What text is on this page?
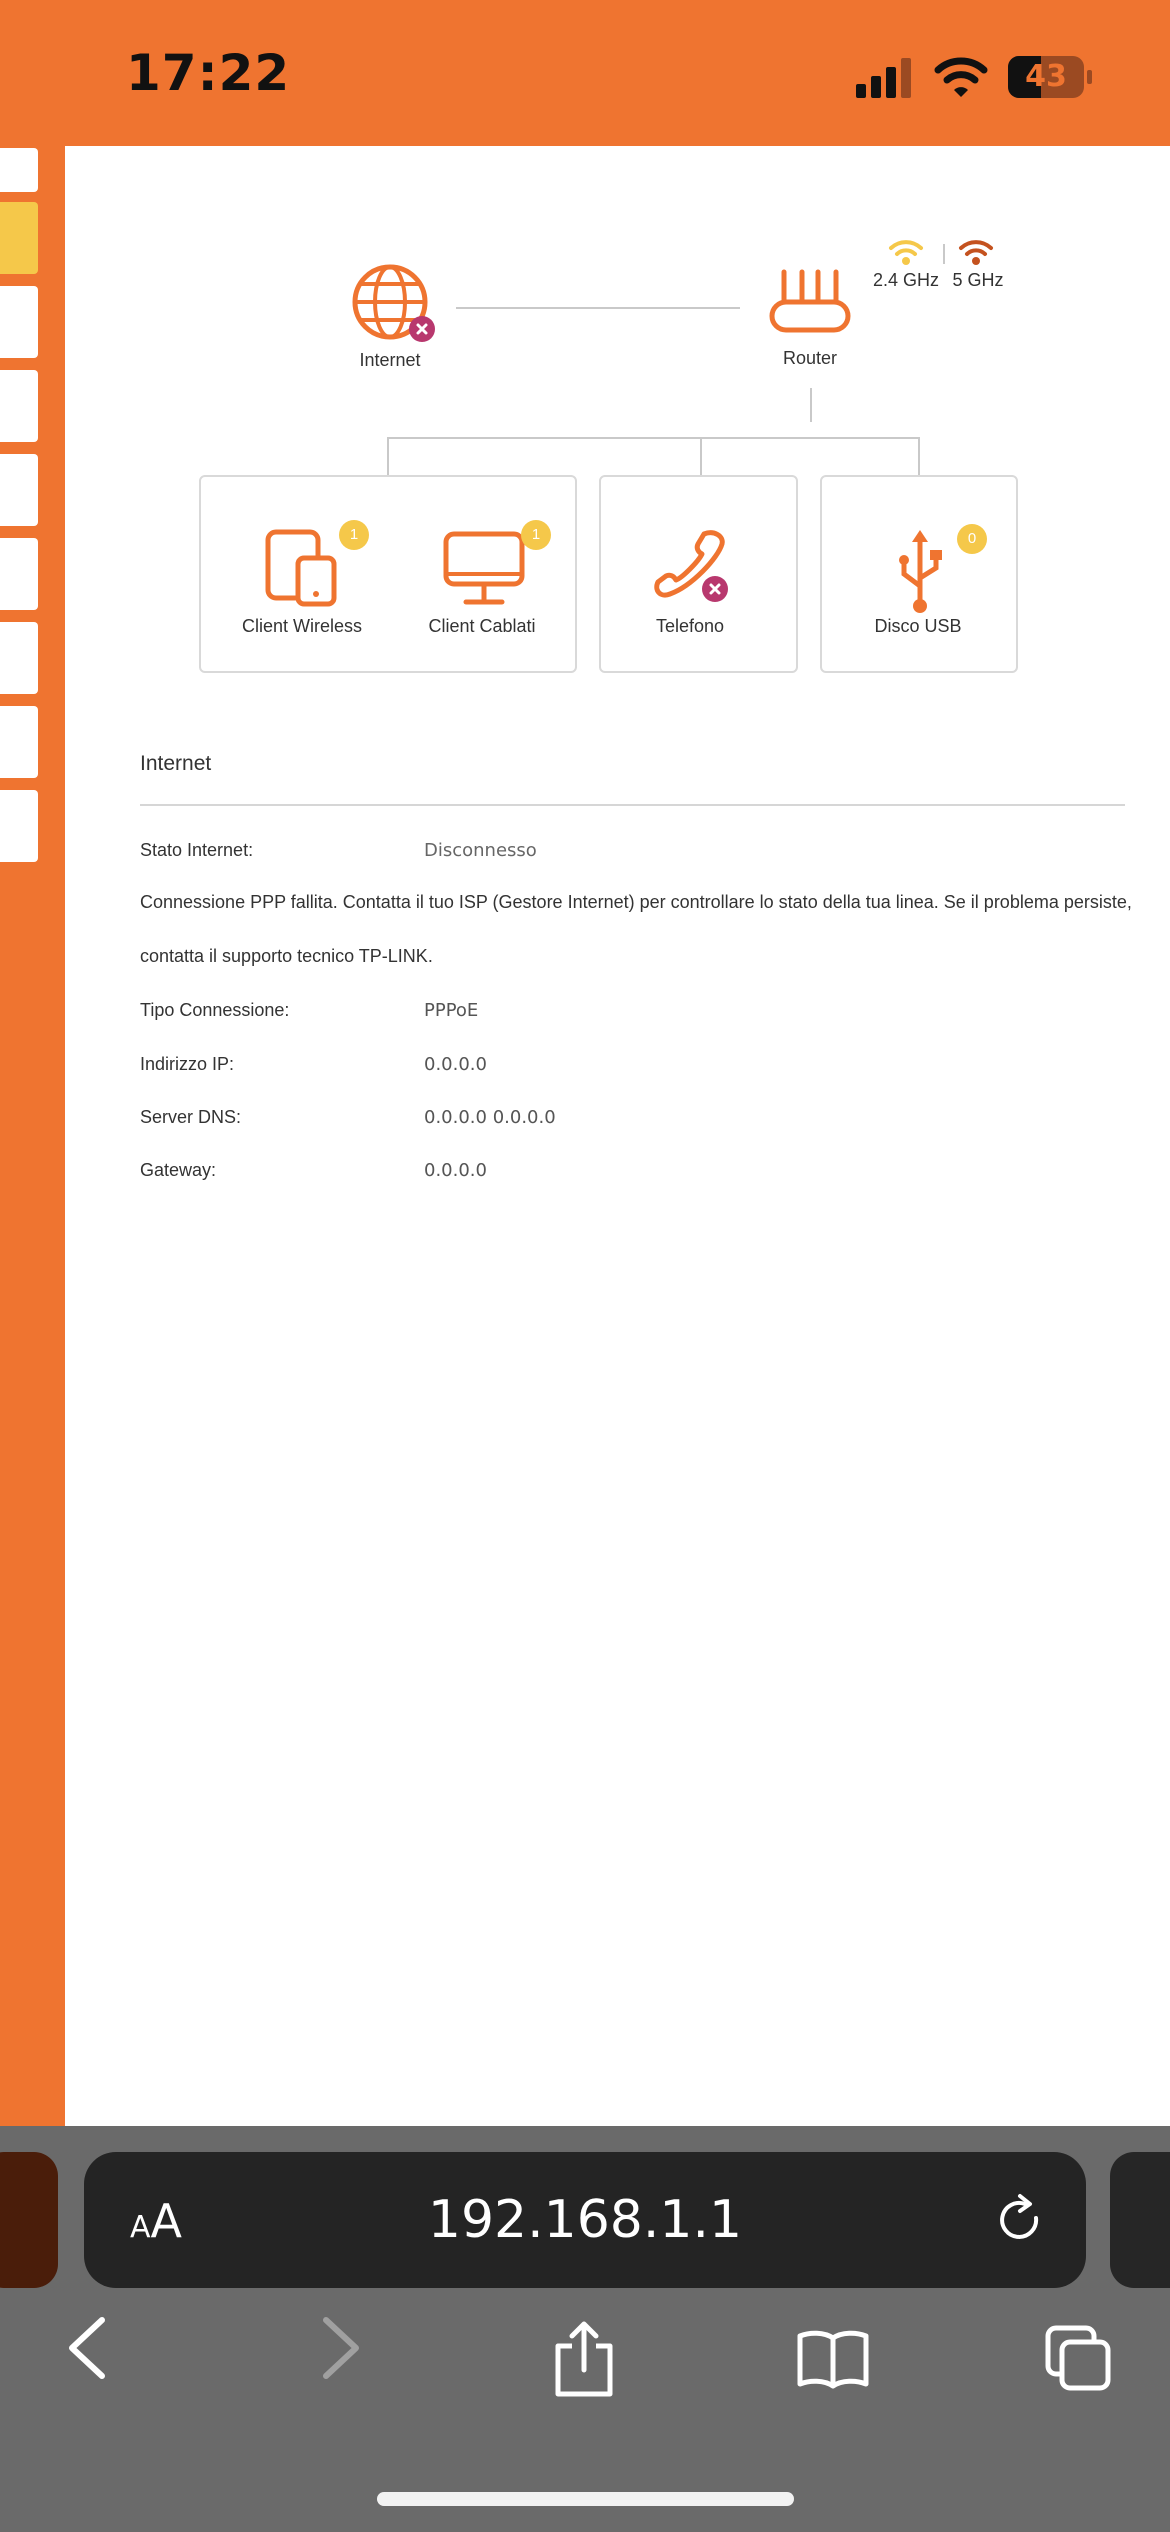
17:22	43
Internet	Router
2.4 GHz 5 GHz
1
Client Wireless
1
Client Cablati	Telefono
0
Disco USB
Internet
Stato Internet:	Disconnesso
Connessione PPP fallita. Contatta il tuo ISP (Gestore Internet) per controllare lo stato della tua linea. Se il problema persiste,
contatta il supporto tecnico TP-LINK.
Tipo Connessione:	PPPoE
Indirizzo IP:	0.0.0.0
Server DNS:	0.0.0.0 0.0.0.0
Gateway:	0.0.0.0
AA	192.168.1.1
